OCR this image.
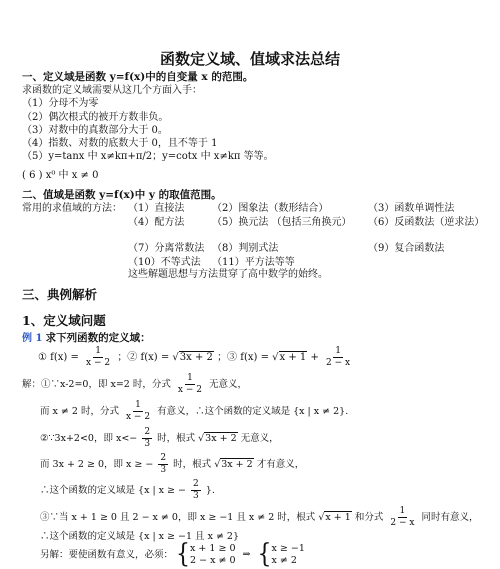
函数定义域、值域求法总结
一、定义域是函数 y=f(x)中的自变量 x 的范围。
求函数的定义域需要从这几个方面入手：
（1）分母不为零
（2）偶次根式的被开方数非负。
（3）对数中的真数部分大于 0。
（4）指数、对数的底数大于 0，且不等于 1
（5）y=tanx 中 x≠kπ+π/2；y=cotx 中 x≠kπ 等等。
( 6 ) x⁰ 中 x ≠ 0
二、值域是函数 y=f(x)中 y 的取值范围。
常用的求值域的方法： （1）直接法	（2）图象法（数形结合）	（3）函数单调性法
（4）配方法	（5）换元法 （包括三角换元） （6）反函数法（逆求法）
（7）分离常数法 （8）判别式法	（9）复合函数法
（10）不等式法 （11）平方法等等
这些解题思想与方法贯穿了高中数学的始终。
三、典例解析
1、定义域问题
例 1 求下列函数的定义域：
① $f(x) = \frac{1}{x - 2}$ ；② f(x) = √3x + 2 ；③ $f(x) = √x + 1 + \frac{1}{2 - x}$
解：①∵x-2=0，即 x=2 时，分式 $\frac{1}{x - 2}$ 无意义，
而 x ≠ 2 时，分式 $\frac{1}{x - 2}$ 有意义，∴这个函数的定义域是 {x | x ≠ 2}.
②∵3x+2<0，即 $x<- \frac{2}{3}$ 时，根式 √3x + 2 无意义，
而 3x + 2 ≥ 0，即 x ≥ − $\frac{2}{3}$ 时，根式 √3x + 2 才有意义，
∴这个函数的定义域是 {x | x ≥ − $\frac{2}{3}$ }.
③∵当 x + 1 ≥ 0 且 2 − x ≠ 0，即 x ≥ −1 且 x ≠ 2 时，根式 √x + 1 和分式 $\frac{1}{2 - x}$ 同时有意义，
∴这个函数的定义域是 {x | x ≥ −1 且 x ≠ 2}
另解：要使函数有意义，必须： { x + 1 ≥ 0
2 − x ≠ 0 ⇒ { x ≥ −1
x ≠ 2
